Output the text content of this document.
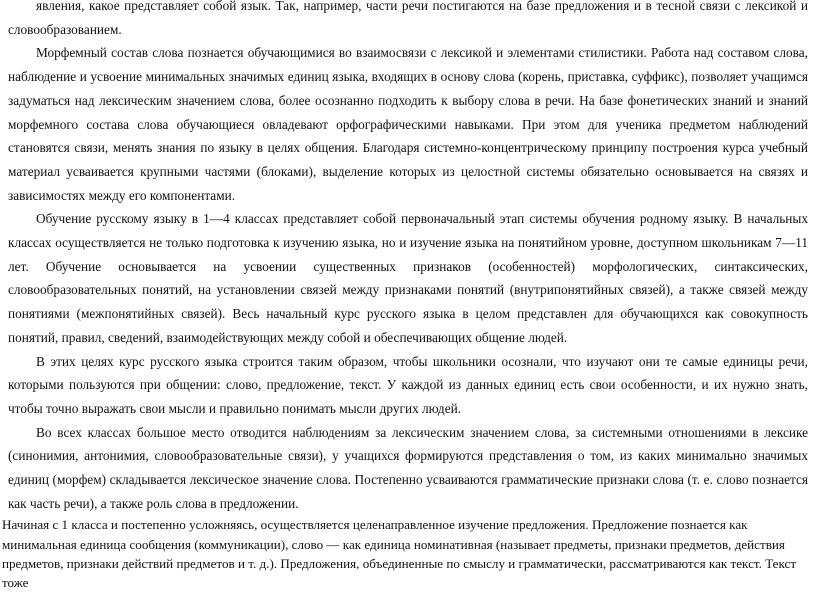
явления, какое представляет собой язык. Так, например, части речи постигаются на базе предложения и в тесной связи с лексикой и словообразованием.

Морфемный состав слова познается обучающимися во взаимосвязи с лексикой и элементами стилистики. Работа над составом слова, наблюдение и усвоение минимальных значимых единиц языка, входящих в основу слова (корень, приставка, суффикс), позволяет учащимся задуматься над лексическим значением слова, более осознанно подходить к выбору слова в речи. На базе фонетических знаний и знаний морфемного состава слова обучающиеся овладевают орфографическими навыками. При этом для ученика предметом наблюдений становятся связи, менять знания по языку в целях общения. Благодаря системно-концентрическому принципу построения курса учебный материал усваивается крупными частями (блоками), выделение которых из целостной системы обязательно основывается на связях и зависимостях между его компонентами.

Обучение русскому языку в 1—4 классах представляет собой первоначальный этап системы обучения родному языку. В начальных классах осуществляется не только подготовка к изучению языка, но и изучение языка на понятийном уровне, доступном школьникам 7—11 лет. Обучение основывается на усвоении существенных признаков (особенностей) морфологических, синтаксических, словообразовательных понятий, на установлении связей между признаками понятий (внутрипонятийных связей), а также связей между понятиями (межпонятийных связей). Весь начальный курс русского языка в целом представлен для обучающихся как совокупность понятий, правил, сведений, взаимодействующих между собой и обеспечивающих общение людей.

В этих целях курс русского языка строится таким образом, чтобы школьники осознали, что изучают они те самые единицы речи, которыми пользуются при общении: слово, предложение, текст. У каждой из данных единиц есть свои особенности, и их нужно знать, чтобы точно выражать свои мысли и правильно понимать мысли других людей.

Во всех классах большое место отводится наблюдениям за лексическим значением слова, за системными отношениями в лексике (синонимия, антонимия, словообразовательные связи), у учащихся формируются представления о том, из каких минимально значимых единиц (морфем) складывается лексическое значение слова. Постепенно усваиваются грамматические признаки слова (т. е. слово познается как часть речи), а также роль слова в предложении.

Начиная с 1 класса и постепенно усложняясь, осуществляется целенаправленное изучение предложения. Предложение познается как минимальная единица сообщения (коммуникации), слово — как единица номинативная (называет предметы, признаки предметов, действия предметов, признаки действий предметов и т. д.). Предложения, объединенные по смыслу и грамматически, рассматриваются как текст. Текст тоже
